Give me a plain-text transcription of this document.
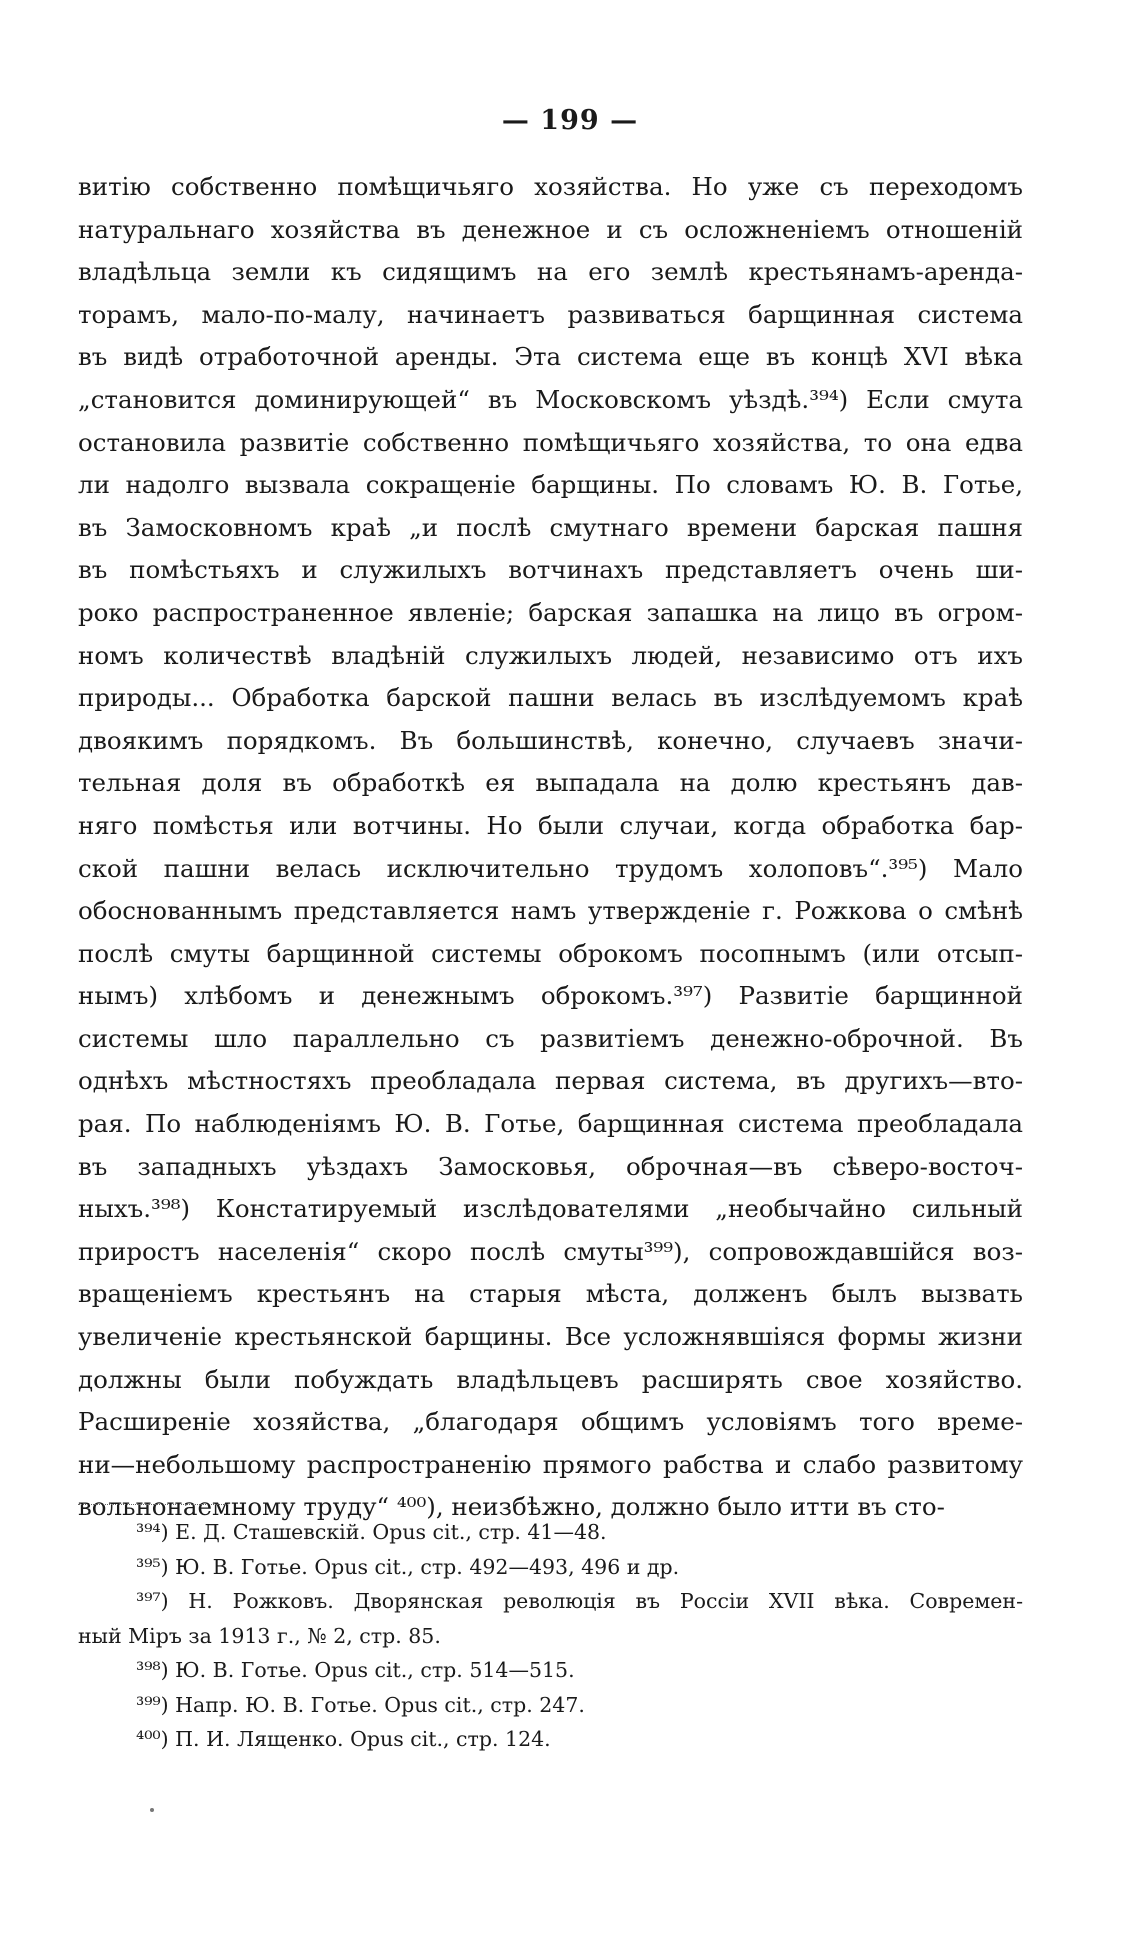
— 199 —
витію собственно помѣщичьяго хозяйства. Но уже съ переходомъ
натуральнаго хозяйства въ денежное и съ осложненіемъ отношеній
владѣльца земли къ сидящимъ на его землѣ крестьянамъ-аренда-
торамъ, мало-по-малу, начинаетъ развиваться барщинная система
въ видѣ отработочной аренды. Эта система еще въ концѣ XVI вѣка
„становится доминирующей“ въ Московскомъ уѣздѣ.³⁹⁴) Если смута
остановила развитіе собственно помѣщичьяго хозяйства, то она едва
ли надолго вызвала сокращеніе барщины. По словамъ Ю. В. Готье,
въ Замосковномъ краѣ „и послѣ смутнаго времени барская пашня
въ помѣстьяхъ и служилыхъ вотчинахъ представляетъ очень ши-
роко распространенное явленіе; барская запашка на лицо въ огром-
номъ количествѣ владѣній служилыхъ людей, независимо отъ ихъ
природы... Обработка барской пашни велась въ изслѣдуемомъ краѣ
двоякимъ порядкомъ. Въ большинствѣ, конечно, случаевъ значи-
тельная доля въ обработкѣ ея выпадала на долю крестьянъ дав-
няго помѣстья или вотчины. Но были случаи, когда обработка бар-
ской пашни велась исключительно трудомъ холоповъ“.³⁹⁵) Мало
обоснованнымъ представляется намъ утвержденіе г. Рожкова о смѣнѣ
послѣ смуты барщинной системы оброкомъ посопнымъ (или отсып-
нымъ) хлѣбомъ и денежнымъ оброкомъ.³⁹⁷) Развитіе барщинной
системы шло параллельно съ развитіемъ денежно-оброчной. Въ
однѣхъ мѣстностяхъ преобладала первая система, въ другихъ—вто-
рая. По наблюденіямъ Ю. В. Готье, барщинная система преобладала
въ западныхъ уѣздахъ Замосковья, оброчная—въ сѣверо-восточ-
ныхъ.³⁹⁸) Констатируемый изслѣдователями „необычайно сильный
приростъ населенія“ скоро послѣ смуты³⁹⁹), сопровождавшійся воз-
вращеніемъ крестьянъ на старыя мѣста, долженъ былъ вызвать
увеличеніе крестьянской барщины. Все усложнявшіяся формы жизни
должны были побуждать владѣльцевъ расширять свое хозяйство.
Расширеніе хозяйства, „благодаря общимъ условіямъ того време-
ни—небольшому распространенію прямого рабства и слабо развитому
вольнонаемному труду“ ⁴⁰⁰), неизбѣжно, должно было итти въ сто-
³⁹⁴) Е. Д. Сташевскій. Opus cit., стр. 41—48.
³⁹⁵) Ю. В. Готье. Opus cit., стр. 492—493, 496 и др.
³⁹⁷) Н. Рожковъ. Дворянская революція въ Россіи XVII вѣка. Современ-
ный Міръ за 1913 г., № 2, стр. 85.
³⁹⁸) Ю. В. Готье. Opus cit., стр. 514—515.
³⁹⁹) Напр. Ю. В. Готье. Opus cit., стр. 247.
⁴⁰⁰) П. И. Лященко. Opus cit., стр. 124.
